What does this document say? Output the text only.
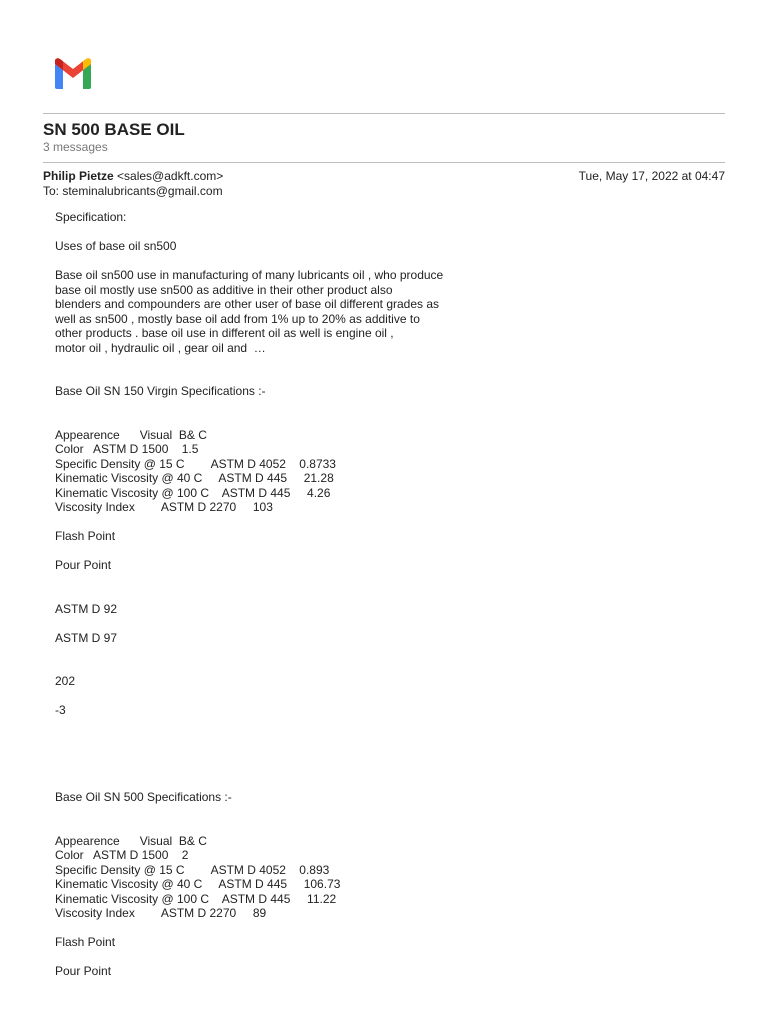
SN 500 BASE OIL
3 messages
Philip Pietze <sales@adkft.com>	Tue, May 17, 2022 at 04:47
To: steminalubricants@gmail.com
Specification:
Uses of base oil sn500
Base oil sn500 use in manufacturing of many lubricants oil , who produce
base oil mostly use sn500 as additive in their other product also
blenders and compounders are other user of base oil different grades as
well as sn500 , mostly base oil add from 1% up to 20% as additive to
other products . base oil use in different oil as well is engine oil ,
motor oil , hydraulic oil , gear oil and  …
Base Oil SN 150 Virgin Specifications :-
Appearence      Visual  B& C
Color   ASTM D 1500    1.5
Specific Density @ 15 C        ASTM D 4052    0.8733
Kinematic Viscosity @ 40 C     ASTM D 445     21.28
Kinematic Viscosity @ 100 C    ASTM D 445     4.26
Viscosity Index        ASTM D 2270     103
Flash Point
Pour Point
ASTM D 92
ASTM D 97
202
-3
Base Oil SN 500 Specifications :-
Appearence      Visual  B& C
Color   ASTM D 1500    2
Specific Density @ 15 C        ASTM D 4052    0.893
Kinematic Viscosity @ 40 C     ASTM D 445     106.73
Kinematic Viscosity @ 100 C    ASTM D 445     11.22
Viscosity Index        ASTM D 2270     89
Flash Point
Pour Point
